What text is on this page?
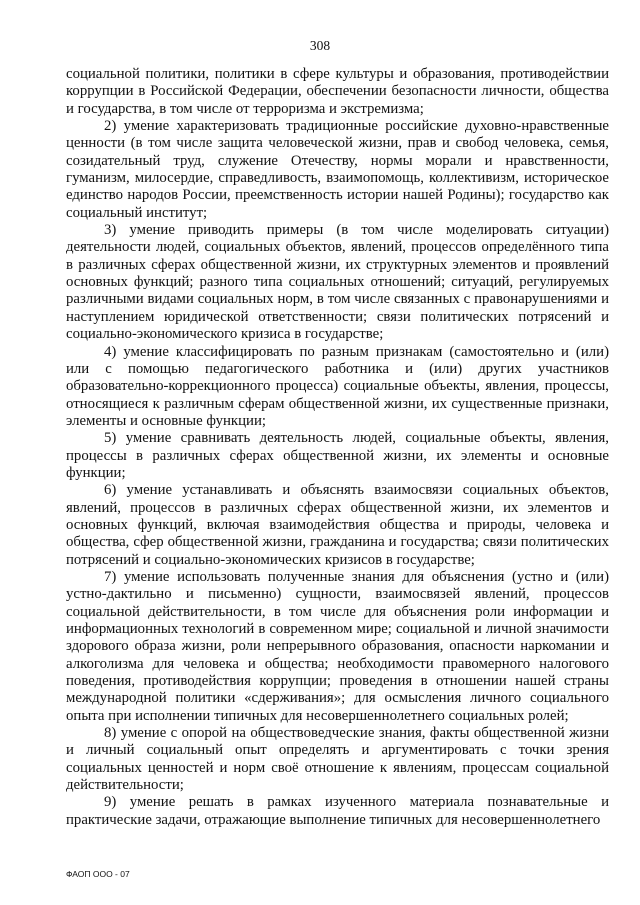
308

социальной политики, политики в сфере культуры и образования, противодействии коррупции в Российской Федерации, обеспечении безопасности личности, общества и государства, в том числе от терроризма и экстремизма;

2) умение характеризовать традиционные российские духовно-нравственные ценности (в том числе защита человеческой жизни, прав и свобод человека, семья, созидательный труд, служение Отечеству, нормы морали и нравственности, гуманизм, милосердие, справедливость, взаимопомощь, коллективизм, историческое единство народов России, преемственность истории нашей Родины); государство как социальный институт;

3) умение приводить примеры (в том числе моделировать ситуации) деятельности людей, социальных объектов, явлений, процессов определённого типа в различных сферах общественной жизни, их структурных элементов и проявлений основных функций; разного типа социальных отношений; ситуаций, регулируемых различными видами социальных норм, в том числе связанных с правонарушениями и наступлением юридической ответственности; связи политических потрясений и социально-экономического кризиса в государстве;

4) умение классифицировать по разным признакам (самостоятельно и (или) или с помощью педагогического работника и (или) других участников образовательно-коррекционного процесса) социальные объекты, явления, процессы, относящиеся к различным сферам общественной жизни, их существенные признаки, элементы и основные функции;

5) умение сравнивать деятельность людей, социальные объекты, явления, процессы в различных сферах общественной жизни, их элементы и основные функции;

6) умение устанавливать и объяснять взаимосвязи социальных объектов, явлений, процессов в различных сферах общественной жизни, их элементов и основных функций, включая взаимодействия общества и природы, человека и общества, сфер общественной жизни, гражданина и государства; связи политических потрясений и социально-экономических кризисов в государстве;

7) умение использовать полученные знания для объяснения (устно и (или) устно-дактильно и письменно) сущности, взаимосвязей явлений, процессов социальной действительности, в том числе для объяснения роли информации и информационных технологий в современном мире; социальной и личной значимости здорового образа жизни, роли непрерывного образования, опасности наркомании и алкоголизма для человека и общества; необходимости правомерного налогового поведения, противодействия коррупции; проведения в отношении нашей страны международной политики «сдерживания»; для осмысления личного социального опыта при исполнении типичных для несовершеннолетнего социальных ролей;

8) умение с опорой на обществоведческие знания, факты общественной жизни и личный социальный опыт определять и аргументировать с точки зрения социальных ценностей и норм своё отношение к явлениям, процессам социальной действительности;

9) умение решать в рамках изученного материала познавательные и практические задачи, отражающие выполнение типичных для несовершеннолетнего

ФАОП ООО - 07
